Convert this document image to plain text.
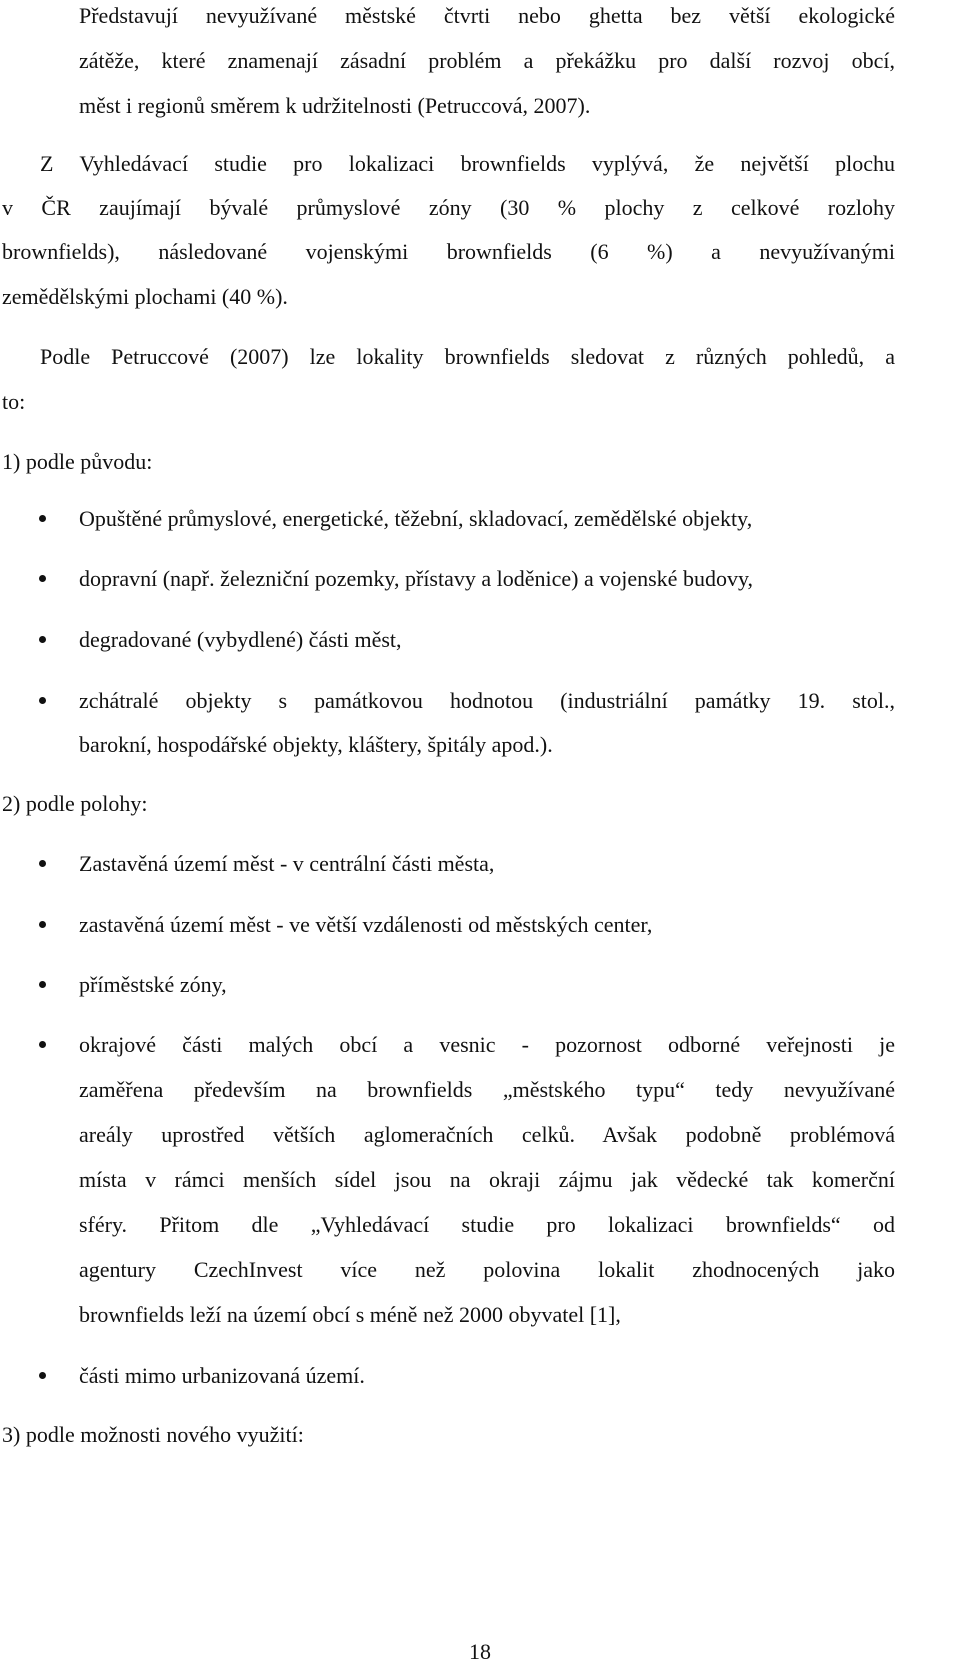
Představují nevyužívané městské čtvrti nebo ghetta bez větší ekologické

zátěže, které znamenají zásadní problém a překážku pro další rozvoj obcí,

měst i regionů směrem k udržitelnosti (Petruccová, 2007).

Z Vyhledávací studie pro lokalizaci brownfields vyplývá, že největší plochu

v ČR zaujímají bývalé průmyslové zóny (30 % plochy z celkové rozlohy

brownfields), následované vojenskými brownfields (6 %) a nevyužívanými

zemědělskými plochami (40 %).

Podle Petruccové (2007) lze lokality brownfields sledovat z různých pohledů, a

to:

1) podle původu:

Opuštěné průmyslové, energetické, těžební, skladovací, zemědělské objekty,

dopravní (např. železniční pozemky, přístavy a loděnice) a vojenské budovy,

degradované (vybydlené) části měst,

zchátralé objekty s památkovou hodnotou (industriální památky 19. stol.,

barokní, hospodářské objekty, kláštery, špitály apod.).

2) podle polohy:

Zastavěná území měst - v centrální části města,

zastavěná území měst - ve větší vzdálenosti od městských center,

příměstské zóny,

okrajové části malých obcí a vesnic - pozornost odborné veřejnosti je

zaměřena především na brownfields „městského typu“ tedy nevyužívané

areály uprostřed větších aglomeračních celků. Avšak podobně problémová

místa v rámci menších sídel jsou na okraji zájmu jak vědecké tak komerční

sféry. Přitom dle „Vyhledávací studie pro lokalizaci brownfields“ od

agentury CzechInvest více než polovina lokalit zhodnocených jako

brownfields leží na území obcí s méně než 2000 obyvatel [1],

části mimo urbanizovaná území.

3) podle možnosti nového využití:

18
